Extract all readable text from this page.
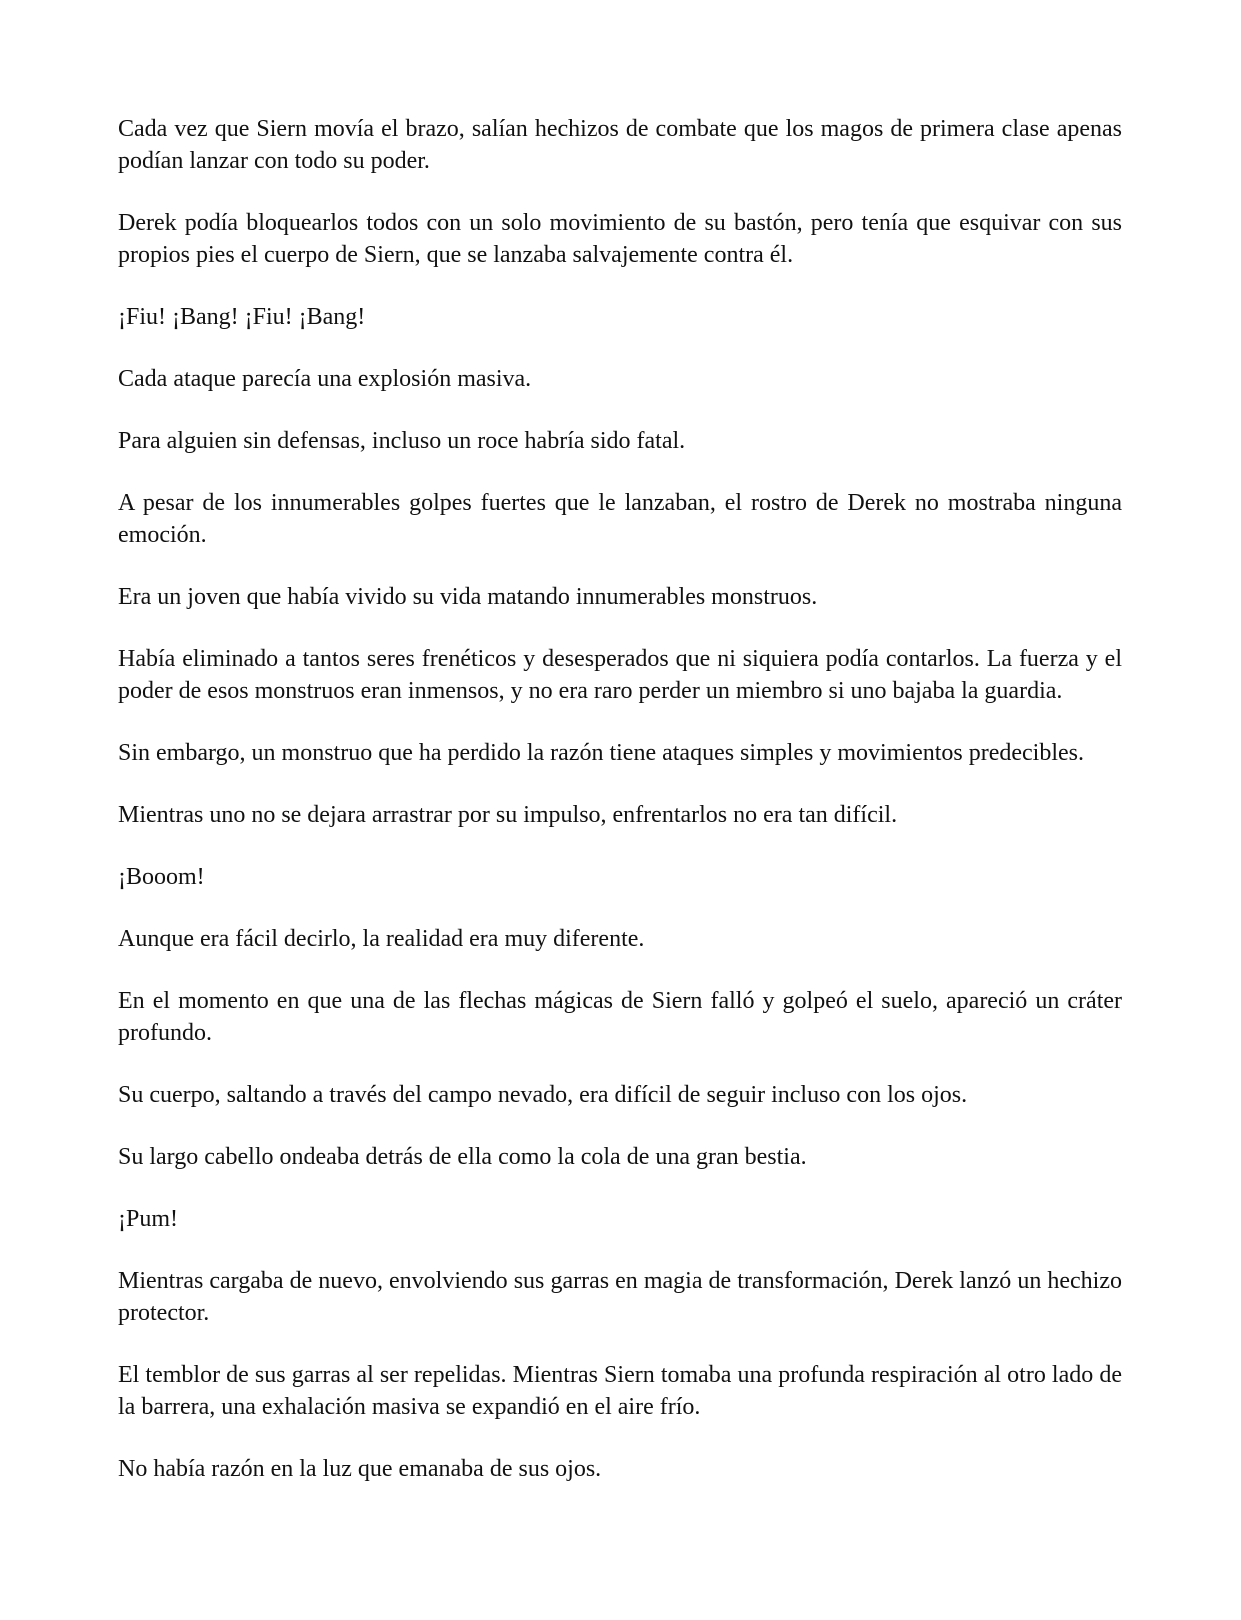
Cada vez que Siern movía el brazo, salían hechizos de combate que los magos de primera clase apenas podían lanzar con todo su poder.

Derek podía bloquearlos todos con un solo movimiento de su bastón, pero tenía que esquivar con sus propios pies el cuerpo de Siern, que se lanzaba salvajemente contra él.

¡Fiu! ¡Bang! ¡Fiu! ¡Bang!

Cada ataque parecía una explosión masiva.

Para alguien sin defensas, incluso un roce habría sido fatal.

A pesar de los innumerables golpes fuertes que le lanzaban, el rostro de Derek no mostraba ninguna emoción.

Era un joven que había vivido su vida matando innumerables monstruos.

Había eliminado a tantos seres frenéticos y desesperados que ni siquiera podía contarlos. La fuerza y el poder de esos monstruos eran inmensos, y no era raro perder un miembro si uno bajaba la guardia.

Sin embargo, un monstruo que ha perdido la razón tiene ataques simples y movimientos predecibles.

Mientras uno no se dejara arrastrar por su impulso, enfrentarlos no era tan difícil.

¡Booom!

Aunque era fácil decirlo, la realidad era muy diferente.

En el momento en que una de las flechas mágicas de Siern falló y golpeó el suelo, apareció un cráter profundo.

Su cuerpo, saltando a través del campo nevado, era difícil de seguir incluso con los ojos.

Su largo cabello ondeaba detrás de ella como la cola de una gran bestia.

¡Pum!

Mientras cargaba de nuevo, envolviendo sus garras en magia de transformación, Derek lanzó un hechizo protector.

El temblor de sus garras al ser repelidas. Mientras Siern tomaba una profunda respiración al otro lado de la barrera, una exhalación masiva se expandió en el aire frío.

No había razón en la luz que emanaba de sus ojos.
